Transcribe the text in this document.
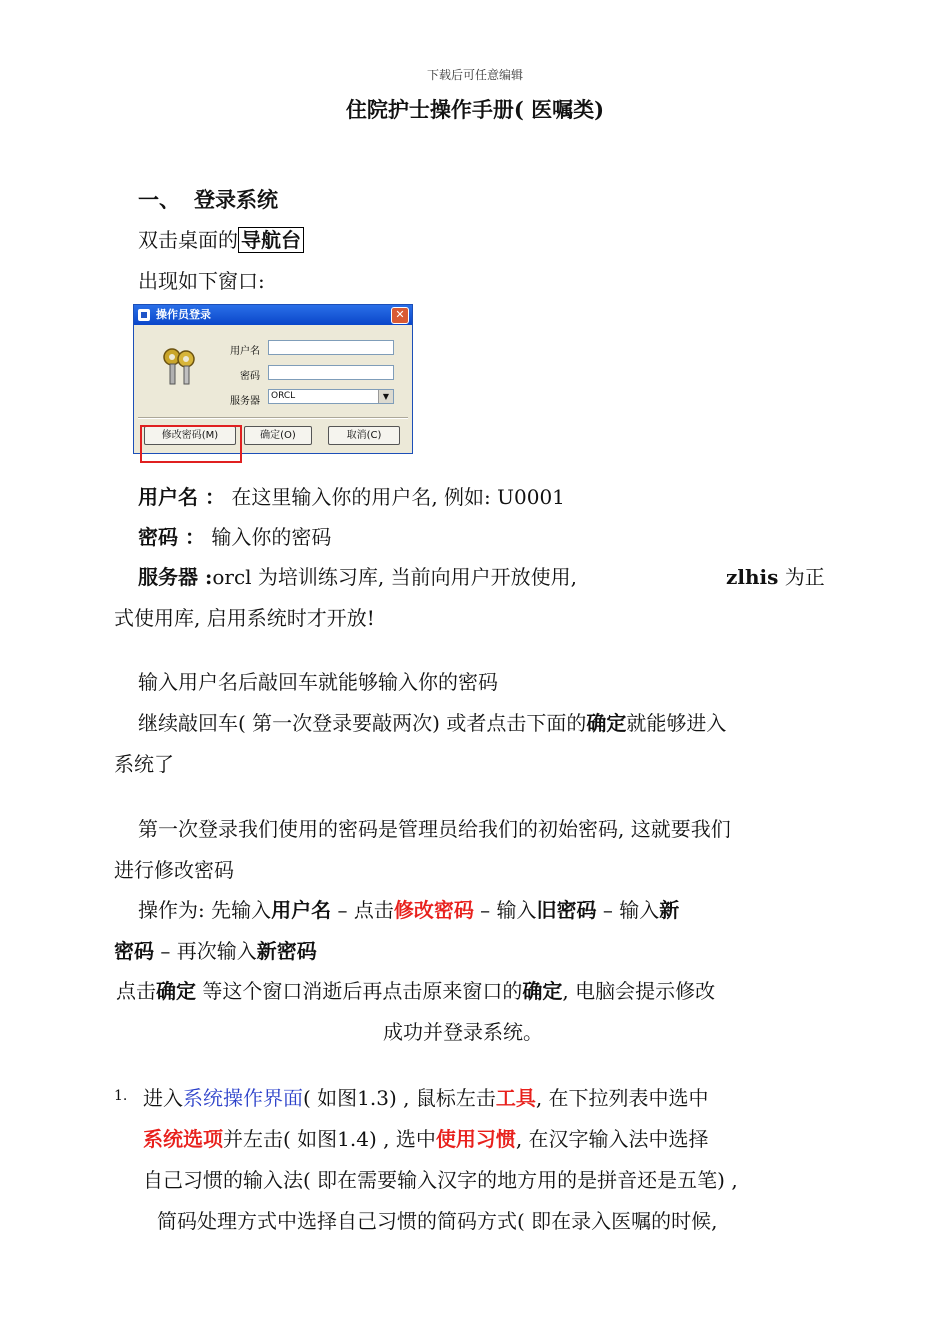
下载后可任意编辑
住院护士操作手册( 医嘱类)
一、 登录系统
双击桌面的 导航台
出现如下窗口:
操作员登录	✕
用户名
密码
服务器	ORCL	▼
修改密码(M)	确定(O)	取消(C)
用户名 ： 在这里输入你的用户名, 例如: U0001
密码 ： 输入你的密码
服务器 :orcl 为培训练习库, 当前向用户开放使用,	zlhis 为正
式使用库, 启用系统时才开放!
输入用户名后敲回车就能够输入你的密码
继续敲回车( 第一次登录要敲两次) 或者点击下面的确定就能够进入
系统了
第一次登录我们使用的密码是管理员给我们的初始密码, 这就要我们
进行修改密码
操作为: 先输入用户名 – 点击修改密码 – 输入旧密码 – 输入新
密码 – 再次输入新密码
点击确定 等这个窗口消逝后再点击原来窗口的确定, 电脑会提示修改
成功并登录系统。
1. 进入系统操作界面( 如图1.3) , 鼠标左击工具, 在下拉列表中选中
系统选项并左击( 如图1.4) , 选中使用习惯, 在汉字输入法中选择
自己习惯的输入法( 即在需要输入汉字的地方用的是拼音还是五笔) ,
简码处理方式中选择自己习惯的简码方式( 即在录入医嘱的时候,
